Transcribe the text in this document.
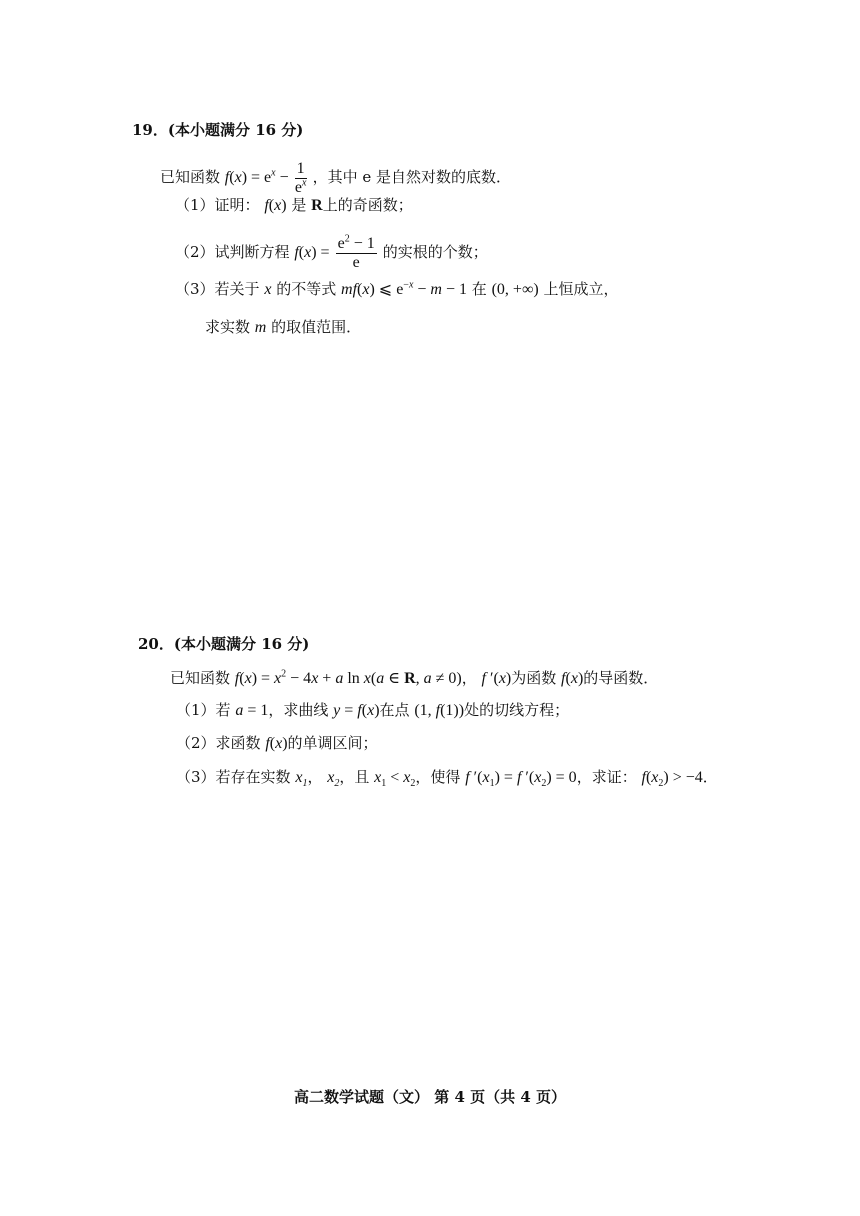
19．(本小题满分 16 分)
已知函数 $f(x) = e^x - \frac{1}{e^x}$ ，其中 e 是自然对数的底数．
（1）证明： f(x) 是 R上的奇函数；
（2）试判断方程 $f(x) = \frac{e^2 - 1}{e}$ 的实根的个数；
（3）若关于 x 的不等式 mf(x) ⩽ $e^{-x} - m - 1$ 在 (0, +∞) 上恒成立，
求实数 m 的取值范围．
20．(本小题满分 16 分)
已知函数 $f(x) = x^2 - 4x + a$ ln x(a ∈ R, a ≠ 0)， f ′(x)为函数 f(x)的导函数．
（1）若 a = 1，求曲线 y = f(x)在点 (1, f(1))处的切线方程；
（2）求函数 f(x)的单调区间；
（3）若存在实数 $x_1$， $x_2$，且 $x_1 < x_2$，使得 f $'(x_1) = f$ $'(x_2) = 0$，求证： $f(x_2) > -4$．
高二数学试题（文） 第 4 页（共 4 页）
